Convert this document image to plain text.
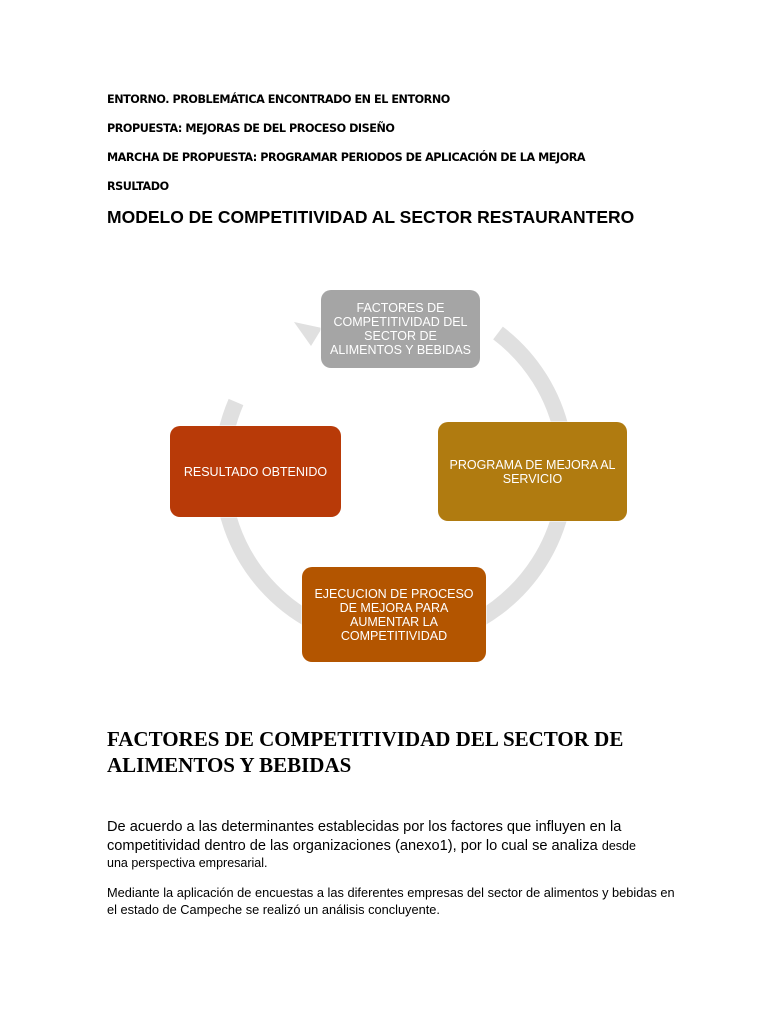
ENTORNO. PROBLEMÁTICA ENCONTRADO EN EL ENTORNO
PROPUESTA: MEJORAS DE DEL PROCESO DISEÑO
MARCHA DE PROPUESTA: PROGRAMAR PERIODOS DE APLICACIÓN DE LA MEJORA
RSULTADO
MODELO DE COMPETITIVIDAD AL SECTOR RESTAURANTERO
FACTORES DE COMPETITIVIDAD DEL SECTOR DE ALIMENTOS Y BEBIDAS
PROGRAMA DE MEJORA AL SERVICIO
EJECUCION DE PROCESO DE MEJORA PARA AUMENTAR LA COMPETITIVIDAD
RESULTADO OBTENIDO
FACTORES DE COMPETITIVIDAD DEL SECTOR DE ALIMENTOS Y BEBIDAS
De acuerdo a las determinantes establecidas por los factores que influyen en la competitividad dentro de las organizaciones (anexo1), por lo cual se analiza desde
una perspectiva empresarial.
Mediante la aplicación de encuestas a las diferentes empresas del sector de alimentos y bebidas en el estado de Campeche se realizó un análisis concluyente.
